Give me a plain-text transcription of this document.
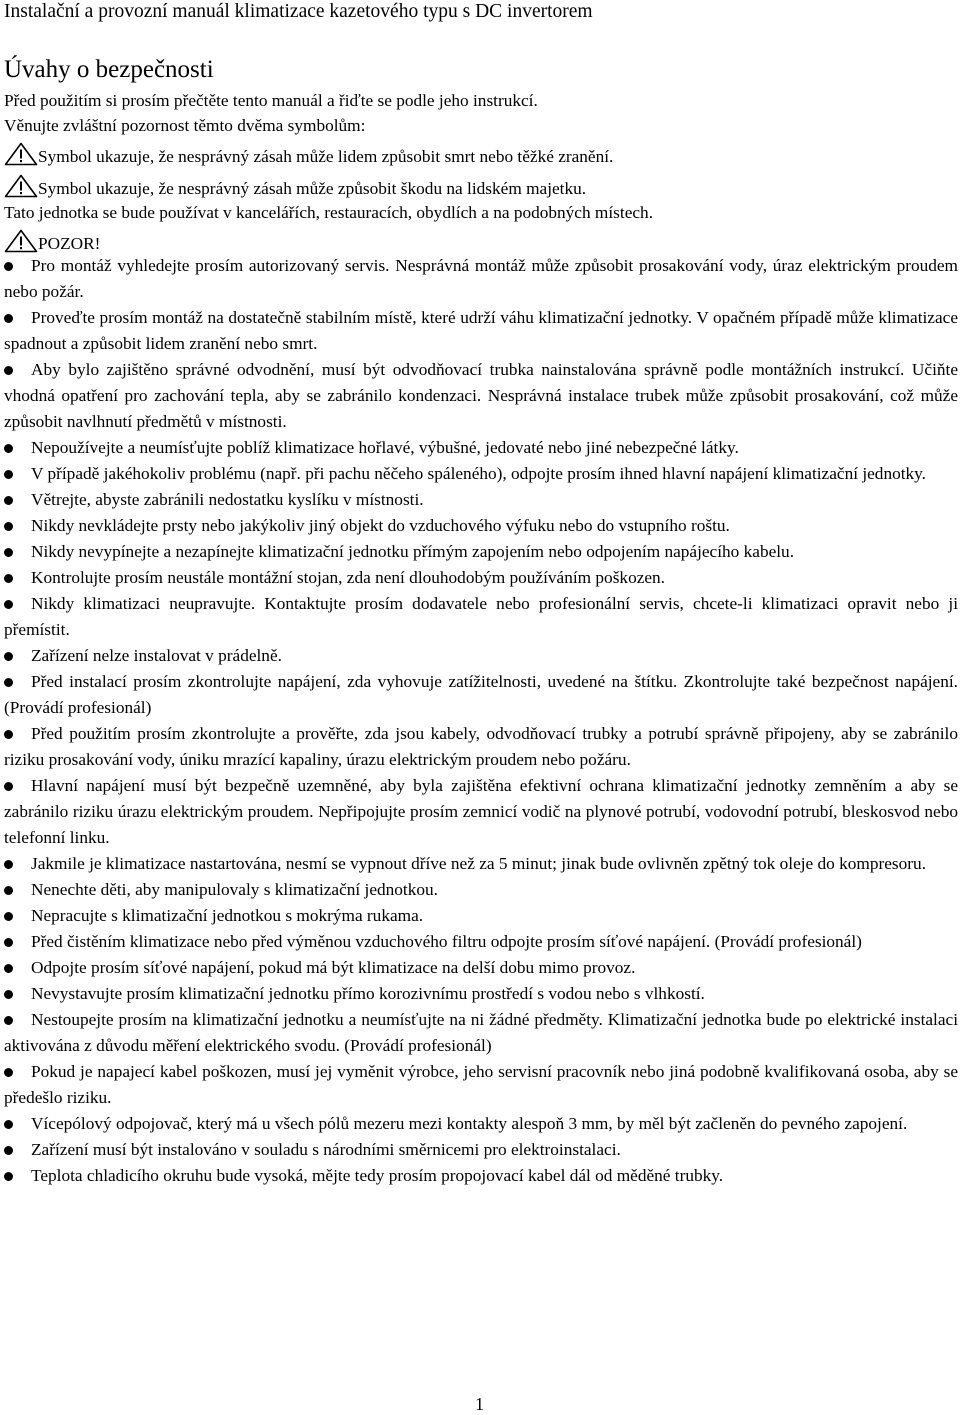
Instalační a provozní manuál klimatizace kazetového typu s DC invertorem
Úvahy o bezpečnosti
Před použitím si prosím přečtěte tento manuál a řiďte se podle jeho instrukcí.
Věnujte zvláštní pozornost těmto dvěma symbolům:
Symbol ukazuje, že nesprávný zásah může lidem způsobit smrt nebo těžké zranění.
Symbol ukazuje, že nesprávný zásah může způsobit škodu na lidském majetku.
Tato jednotka se bude používat v kancelářích, restauracích, obydlích a na podobných místech.
POZOR!
Pro montáž vyhledejte prosím autorizovaný servis. Nesprávná montáž může způsobit prosakování vody, úraz elektrickým proudem nebo požár.
Proveďte prosím montáž na dostatečně stabilním místě, které udrží váhu klimatizační jednotky. V opačném případě může klimatizace spadnout a způsobit lidem zranění nebo smrt.
Aby bylo zajištěno správné odvodnění, musí být odvodňovací trubka nainstalována správně podle montážních instrukcí. Učiňte vhodná opatření pro zachování tepla, aby se zabránilo kondenzaci. Nesprávná instalace trubek může způsobit prosakování, což může způsobit navlhnutí předmětů v místnosti.
Nepoužívejte a neumísťujte poblíž klimatizace hořlavé, výbušné, jedovaté nebo jiné nebezpečné látky.
V případě jakéhokoliv problému (např. při pachu něčeho spáleného), odpojte prosím ihned hlavní napájení klimatizační jednotky.
Větrejte, abyste zabránili nedostatku kyslíku v místnosti.
Nikdy nevkládejte prsty nebo jakýkoliv jiný objekt do vzduchového výfuku nebo do vstupního roštu.
Nikdy nevypínejte a nezapínejte klimatizační jednotku přímým zapojením nebo odpojením napájecího kabelu.
Kontrolujte prosím neustále montážní stojan, zda není dlouhodobým používáním poškozen.
Nikdy klimatizaci neupravujte. Kontaktujte prosím dodavatele nebo profesionální servis, chcete-li klimatizaci opravit nebo ji přemístit.
Zařízení nelze instalovat v prádelně.
Před instalací prosím zkontrolujte napájení, zda vyhovuje zatížitelnosti, uvedené na štítku. Zkontrolujte také bezpečnost napájení. (Provádí profesionál)
Před použitím prosím zkontrolujte a prověřte, zda jsou kabely, odvodňovací trubky a potrubí správně připojeny, aby se zabránilo riziku prosakování vody, úniku mrazící kapaliny, úrazu elektrickým proudem nebo požáru.
Hlavní napájení musí být bezpečně uzemněné, aby byla zajištěna efektivní ochrana klimatizační jednotky zemněním a aby se zabránilo riziku úrazu elektrickým proudem. Nepřipojujte prosím zemnicí vodič na plynové potrubí, vodovodní potrubí, bleskosvod nebo telefonní linku.
Jakmile je klimatizace nastartována, nesmí se vypnout dříve než za 5 minut; jinak bude ovlivněn zpětný tok oleje do kompresoru.
Nenechte děti, aby manipulovaly s klimatizační jednotkou.
Nepracujte s klimatizační jednotkou s mokrýma rukama.
Před čistěním klimatizace nebo před výměnou vzduchového filtru odpojte prosím síťové napájení. (Provádí profesionál)
Odpojte prosím síťové napájení, pokud má být klimatizace na delší dobu mimo provoz.
Nevystavujte prosím klimatizační jednotku přímo korozivnímu prostředí s vodou nebo s vlhkostí.
Nestoupejte prosím na klimatizační jednotku a neumísťujte na ni žádné předměty. Klimatizační jednotka bude po elektrické instalaci aktivována z důvodu měření elektrického svodu. (Provádí profesionál)
Pokud je napajecí kabel poškozen, musí jej vyměnit výrobce, jeho servisní pracovník nebo jiná podobně kvalifikovaná osoba, aby se předešlo riziku.
Vícepólový odpojovač, který má u všech pólů mezeru mezi kontakty alespoň 3 mm, by měl být začleněn do pevného zapojení.
Zařízení musí být instalováno v souladu s národními směrnicemi pro elektroinstalaci.
Teplota chladicího okruhu bude vysoká, mějte tedy prosím propojovací kabel dál od měděné trubky.
1
